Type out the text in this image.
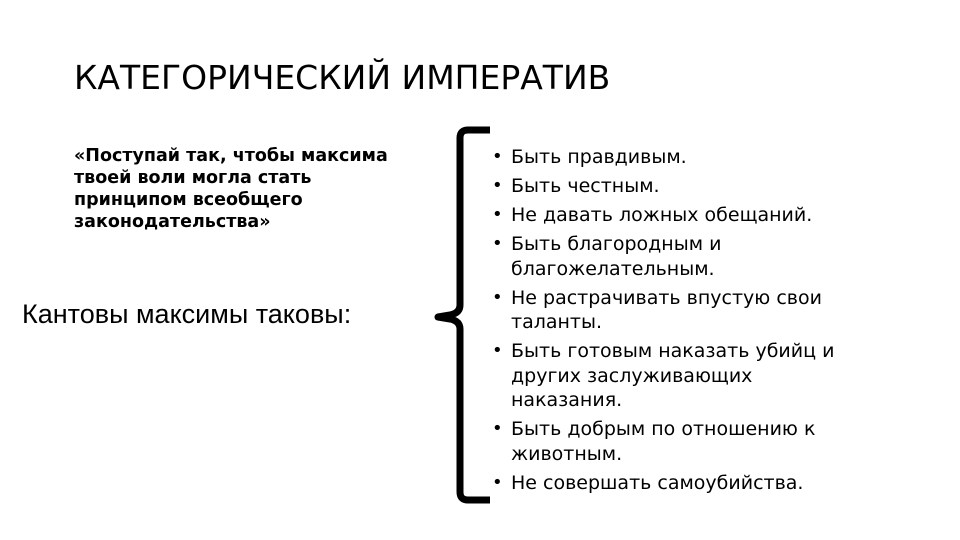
КАТЕГОРИЧЕСКИЙ ИМПЕРАТИВ
«Поступай так, чтобы максима
твоей воли могла стать
принципом всеобщего
законодательства»
Кантовы максимы таковы:
• Быть правдивым.
• Быть честным.
• Не давать ложных обещаний.
• Быть благородным и
благожелательным.
• Не растрачивать впустую свои
таланты.
• Быть готовым наказать убийц и
других заслуживающих
наказания.
• Быть добрым по отношению к
животным.
• Не совершать самоубийства.
